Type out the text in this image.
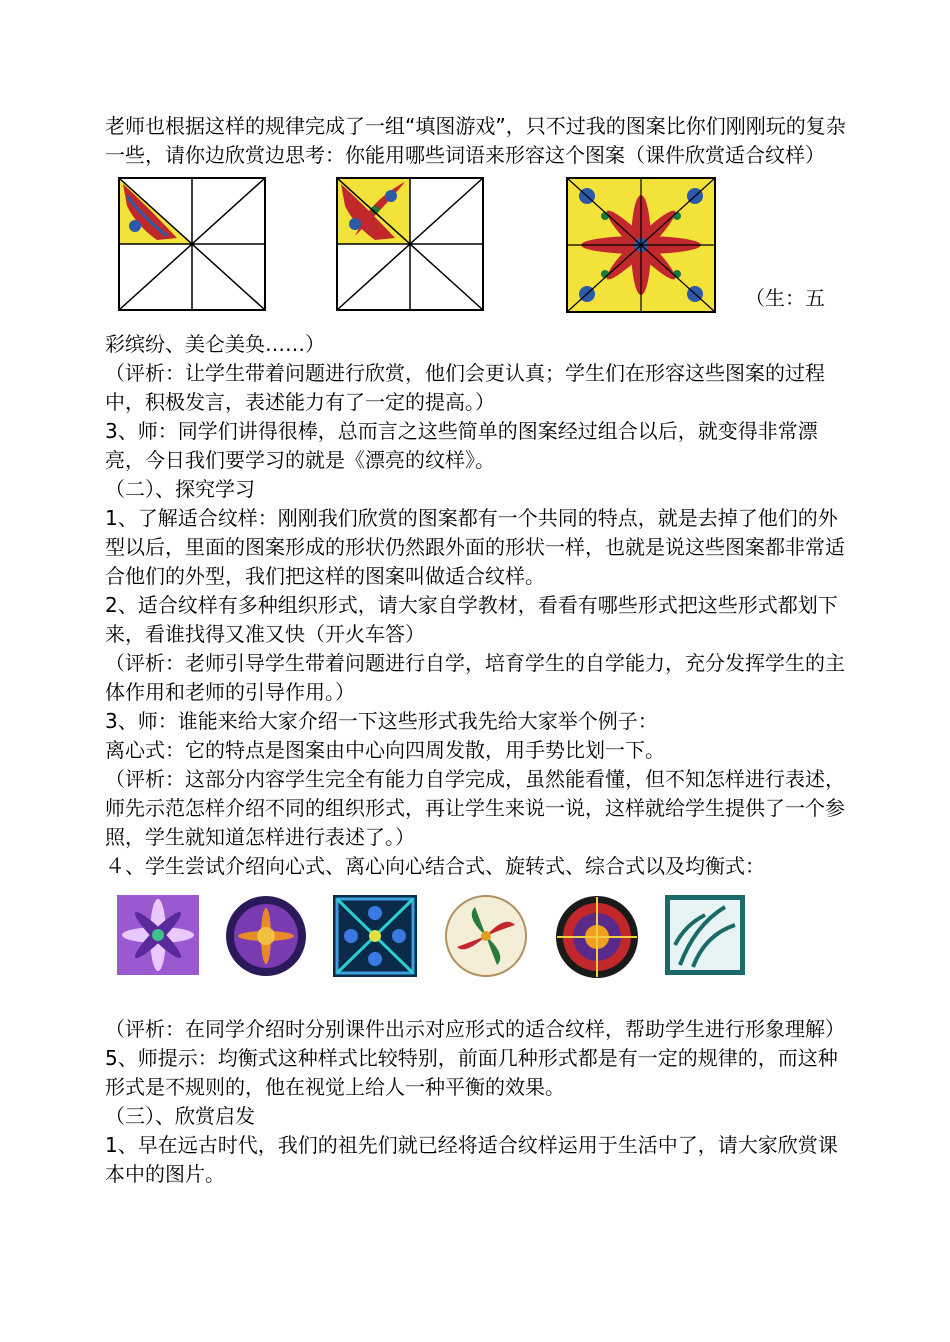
老师也根据这样的规律完成了一组“填图游戏”，只不过我的图案比你们刚刚玩的复杂一些，请你边欣赏边思考：你能用哪些词语来形容这个图案（课件欣赏适合纹样）

（生：五

彩缤纷、美仑美奂……）

（评析：让学生带着问题进行欣赏，他们会更认真；学生们在形容这些图案的过程中，积极发言，表述能力有了一定的提高。）

3、师：同学们讲得很棒，总而言之这些简单的图案经过组合以后，就变得非常漂亮，今日我们要学习的就是《漂亮的纹样》。

（二）、探究学习

1、了解适合纹样：刚刚我们欣赏的图案都有一个共同的特点，就是去掉了他们的外型以后，里面的图案形成的形状仍然跟外面的形状一样，也就是说这些图案都非常适合他们的外型，我们把这样的图案叫做适合纹样。

2、适合纹样有多种组织形式，请大家自学教材，看看有哪些形式把这些形式都划下来，看谁找得又准又快（开火车答）

（评析：老师引导学生带着问题进行自学，培育学生的自学能力，充分发挥学生的主体作用和老师的引导作用。）

3、师：谁能来给大家介绍一下这些形式我先给大家举个例子：

离心式：它的特点是图案由中心向四周发散，用手势比划一下。

（评析：这部分内容学生完全有能力自学完成，虽然能看懂，但不知怎样进行表述，师先示范怎样介绍不同的组织形式，再让学生来说一说，这样就给学生提供了一个参照，学生就知道怎样进行表述了。）

４、学生尝试介绍向心式、离心向心结合式、旋转式、综合式以及均衡式：

（评析：在同学介绍时分别课件出示对应形式的适合纹样，帮助学生进行形象理解）

5、师提示：均衡式这种样式比较特别，前面几种形式都是有一定的规律的，而这种形式是不规则的，他在视觉上给人一种平衡的效果。

（三）、欣赏启发

1、早在远古时代，我们的祖先们就已经将适合纹样运用于生活中了，请大家欣赏课本中的图片。
